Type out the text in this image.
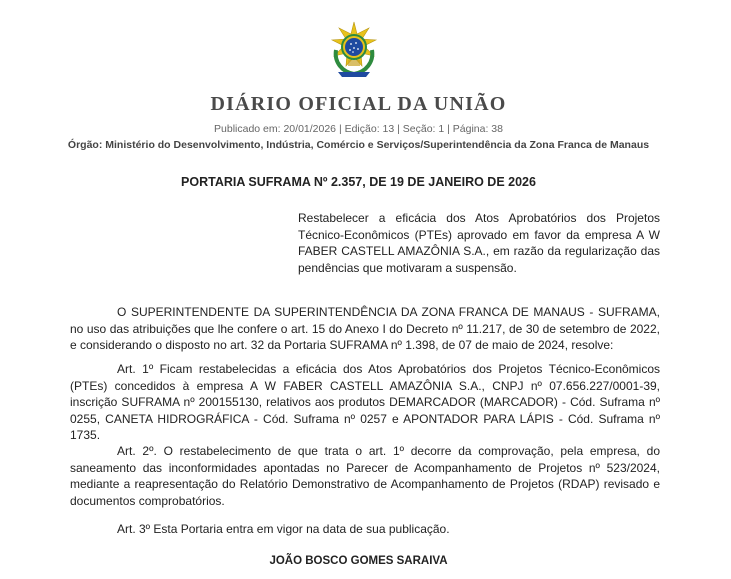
DIÁRIO OFICIAL DA UNIÃO
Publicado em: 20/01/2026 | Edição: 13 | Seção: 1 | Página: 38
Órgão: Ministério do Desenvolvimento, Indústria, Comércio e Serviços/Superintendência da Zona Franca de Manaus
PORTARIA SUFRAMA Nº 2.357, DE 19 DE JANEIRO DE 2026
Restabelecer a eficácia dos Atos Aprobatórios dos Projetos Técnico-Econômicos (PTEs) aprovado em favor da empresa A W FABER CASTELL AMAZÔNIA S.A., em razão da regularização das pendências que motivaram a suspensão.

O SUPERINTENDENTE DA SUPERINTENDÊNCIA DA ZONA FRANCA DE MANAUS - SUFRAMA, no uso das atribuições que lhe confere o art. 15 do Anexo I do Decreto nº 11.217, de 30 de setembro de 2022, e considerando o disposto no art. 32 da Portaria SUFRAMA nº 1.398, de 07 de maio de 2024, resolve:

Art. 1º Ficam restabelecidas a eficácia dos Atos Aprobatórios dos Projetos Técnico-Econômicos (PTEs) concedidos à empresa A W FABER CASTELL AMAZÔNIA S.A., CNPJ nº 07.656.227/0001-39, inscrição SUFRAMA nº 200155130, relativos aos produtos DEMARCADOR (MARCADOR) - Cód. Suframa nº 0255, CANETA HIDROGRÁFICA - Cód. Suframa nº 0257 e APONTADOR PARA LÁPIS - Cód. Suframa nº 1735.

Art. 2º. O restabelecimento de que trata o art. 1º decorre da comprovação, pela empresa, do saneamento das inconformidades apontadas no Parecer de Acompanhamento de Projetos nº 523/2024, mediante a reapresentação do Relatório Demonstrativo de Acompanhamento de Projetos (RDAP) revisado e documentos comprobatórios.

Art. 3º Esta Portaria entra em vigor na data de sua publicação.

JOÃO BOSCO GOMES SARAIVA
